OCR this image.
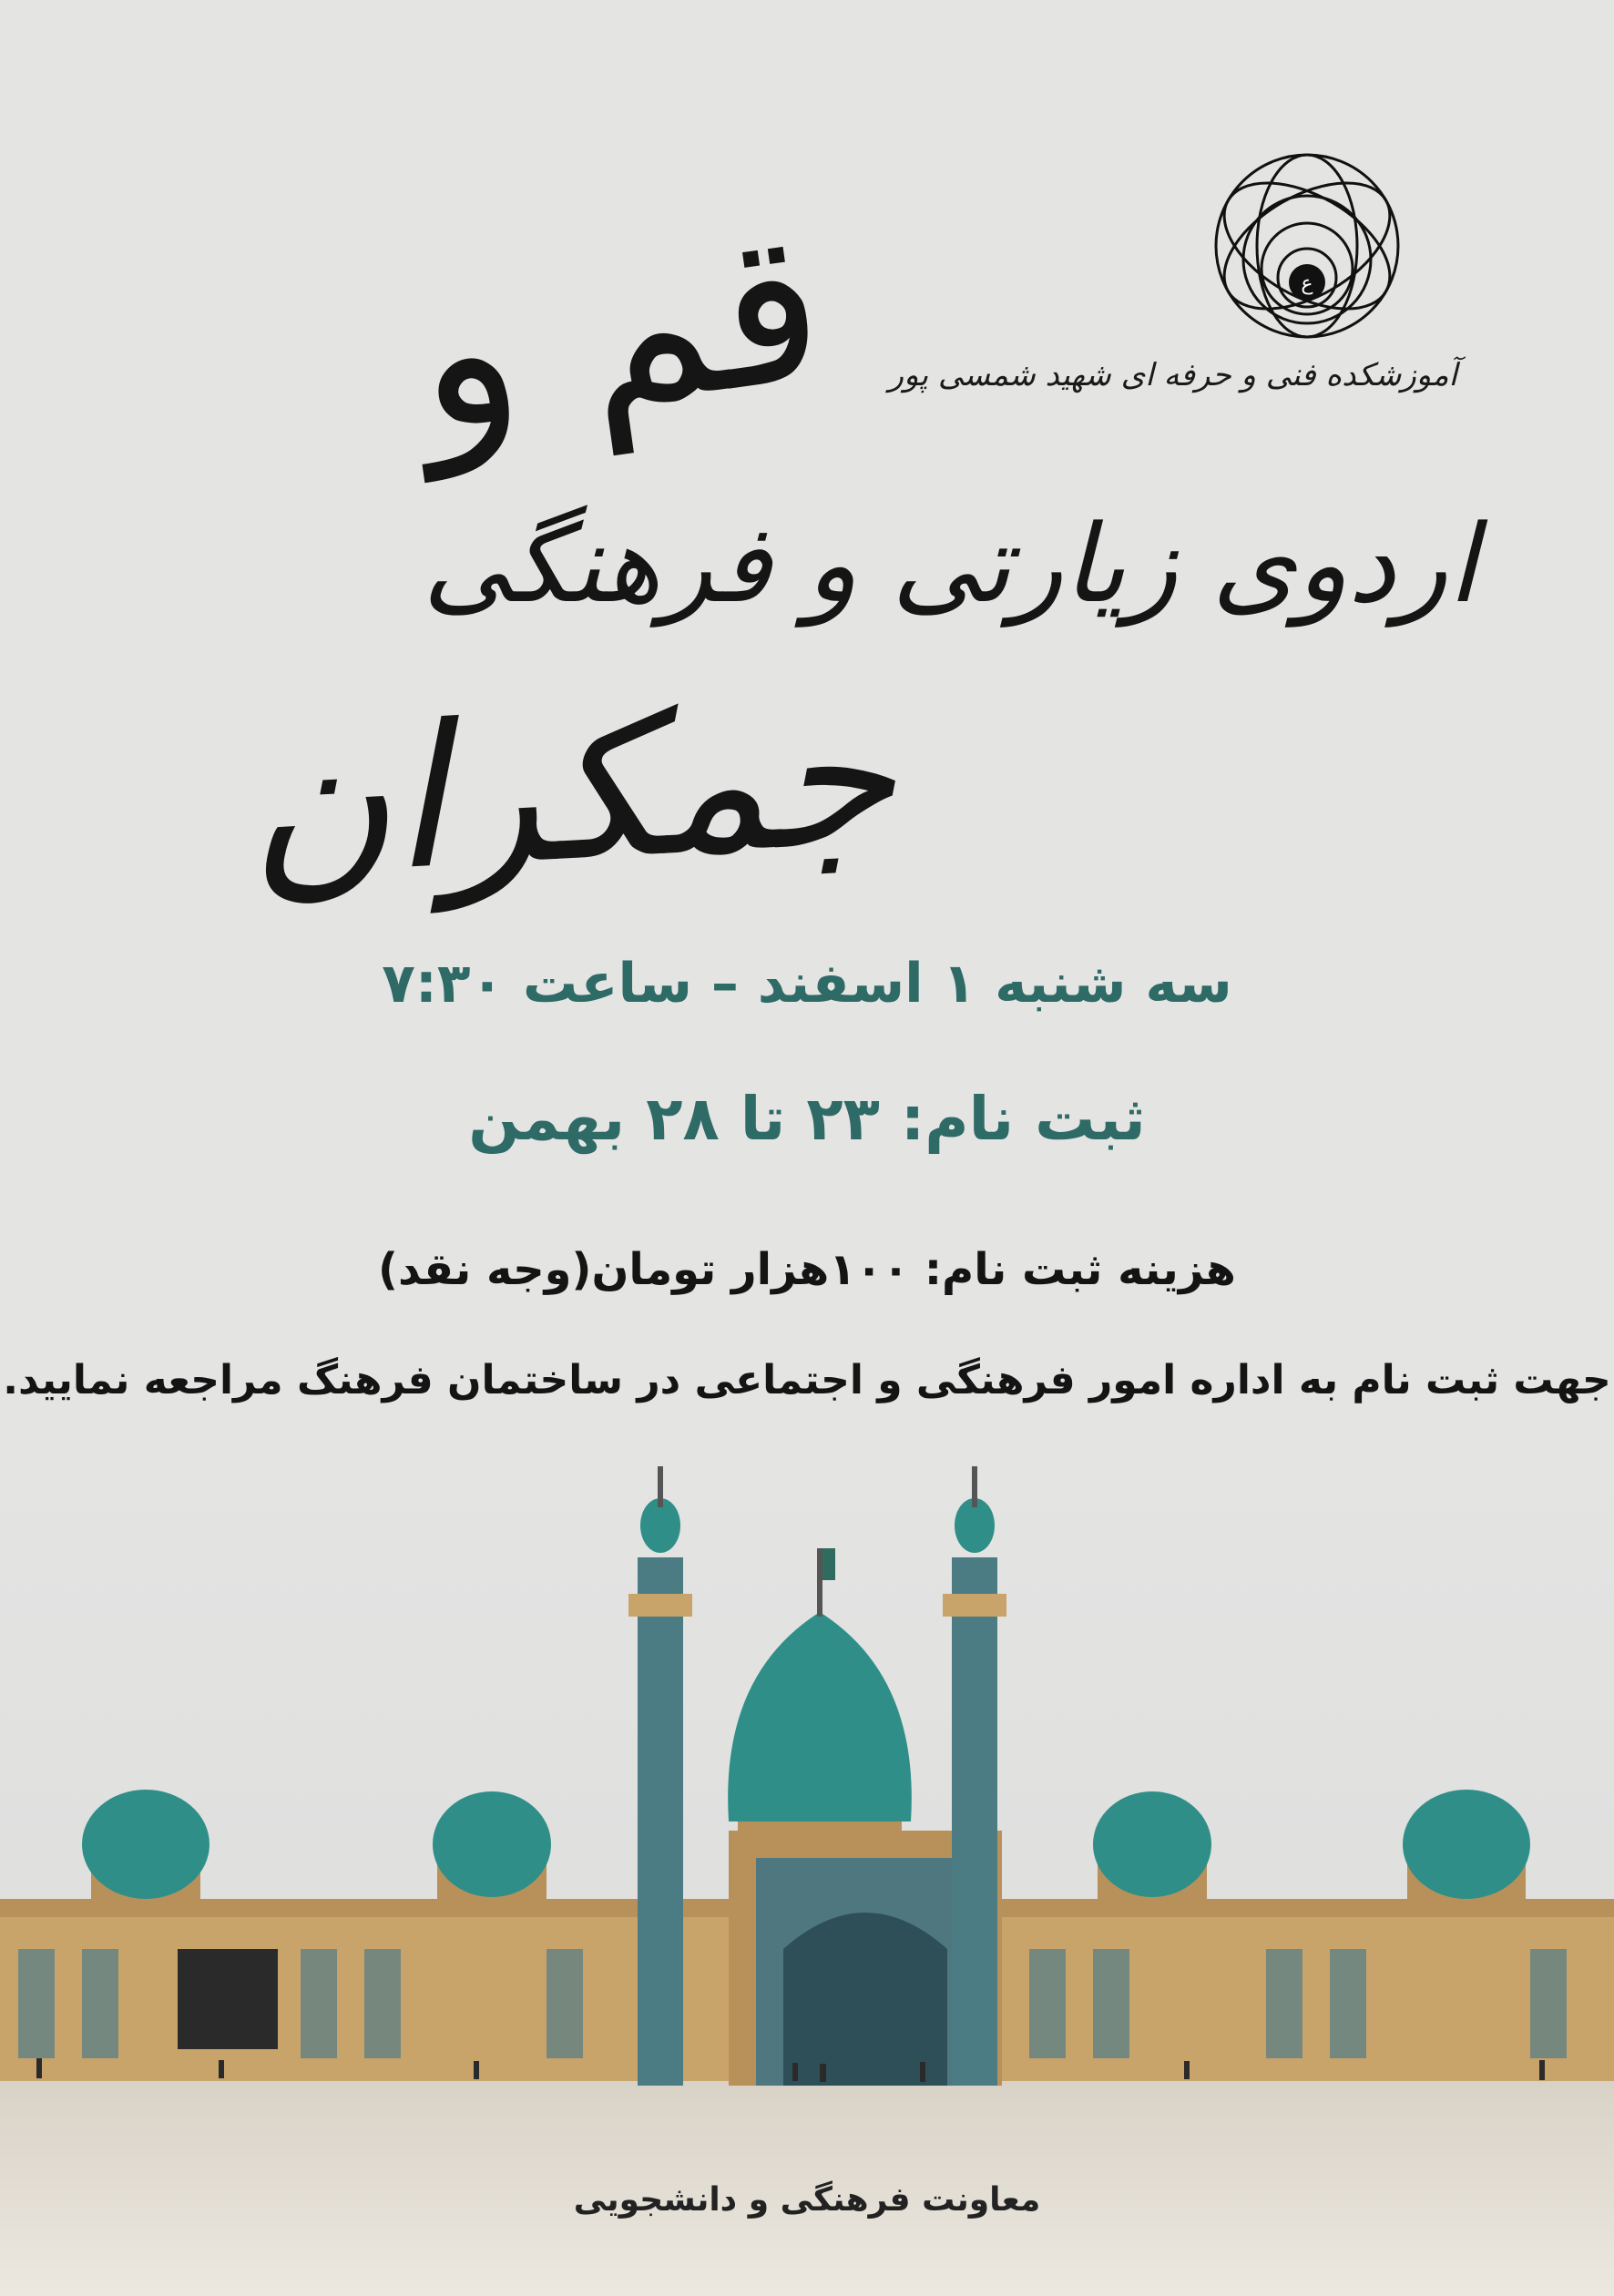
ع
آموزشکده فنی و حرفه ای شهید شمسی پور
قم و
اردوی زیارتی و فرهنگی
جمکران
سه شنبه ۱ اسفند – ساعت ۷:۳۰
ثبت نام: ۲۳ تا ۲۸ بهمن
هزینه ثبت نام: ۱۰۰هزار تومان(وجه نقد)
جهت ثبت نام به اداره امور فرهنگی و اجتماعی در ساختمان فرهنگ مراجعه نمایید.
معاونت فرهنگی و دانشجویی
